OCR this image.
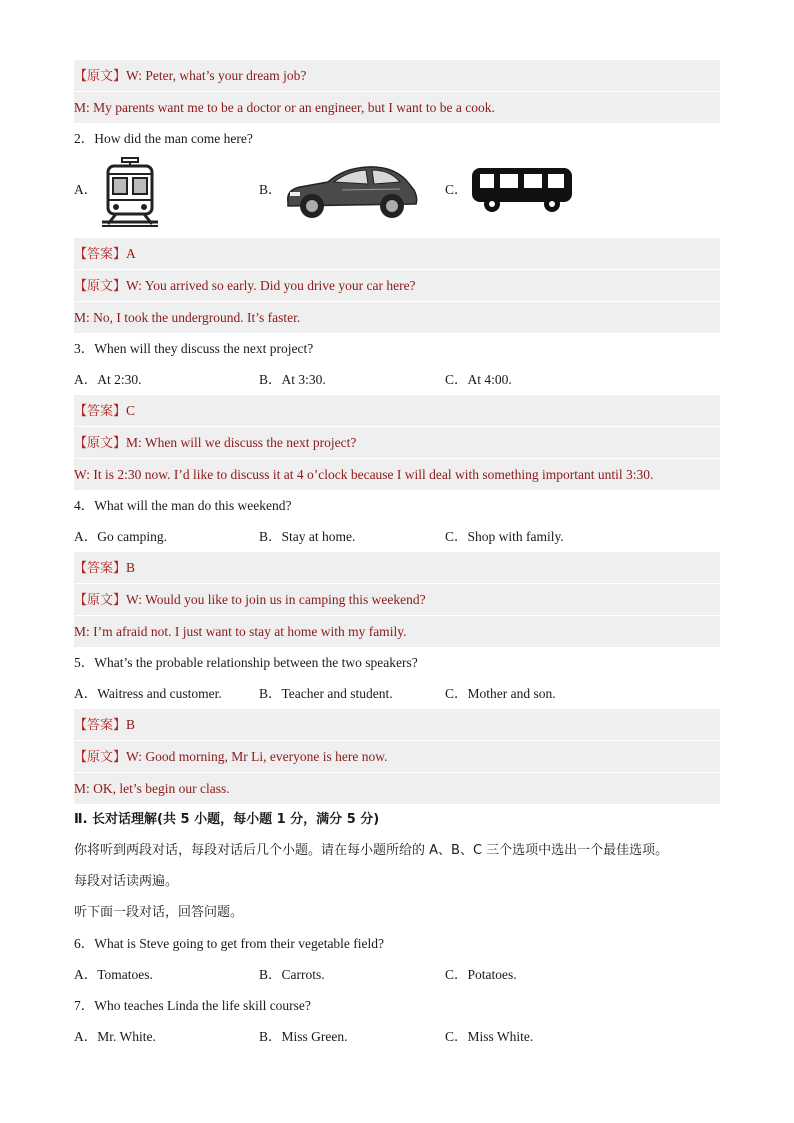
【原文】W: Peter, what’s your dream job?
M: My parents want me to be a doctor or an engineer, but I want to be a cook.
2．How did the man come here?
A．	B．	C．
【答案】A
【原文】W: You arrived so early. Did you drive your car here?
M: No, I took the underground. It’s faster.
3．When will they discuss the next project?
A．At 2:30.	B．At 3:30.	C．At 4:00.
【答案】C
【原文】M: When will we discuss the next project?
W: It is 2:30 now. I’d like to discuss it at 4 o’clock because I will deal with something important until 3:30.
4．What will the man do this weekend?
A．Go camping.	B．Stay at home.	C．Shop with family.
【答案】B
【原文】W: Would you like to join us in camping this weekend?
M: I’m afraid not. I just want to stay at home with my family.
5．What’s the probable relationship between the two speakers?
A．Waitress and customer.	B．Teacher and student.	C．Mother and son.
【答案】B
【原文】W: Good morning, Mr Li, everyone is here now.
M: OK, let’s begin our class.
Ⅱ. 长对话理解(共 5 小题，每小题 1 分，满分 5 分)
你将听到两段对话，每段对话后几个小题。请在每小题所给的 A、B、C 三个选项中选出一个最佳选项。
每段对话读两遍。
听下面一段对话，回答问题。
6．What is Steve going to get from their vegetable field?
A．Tomatoes.	B．Carrots.	C．Potatoes.
7．Who teaches Linda the life skill course?
A．Mr. White.	B．Miss Green.	C．Miss White.
